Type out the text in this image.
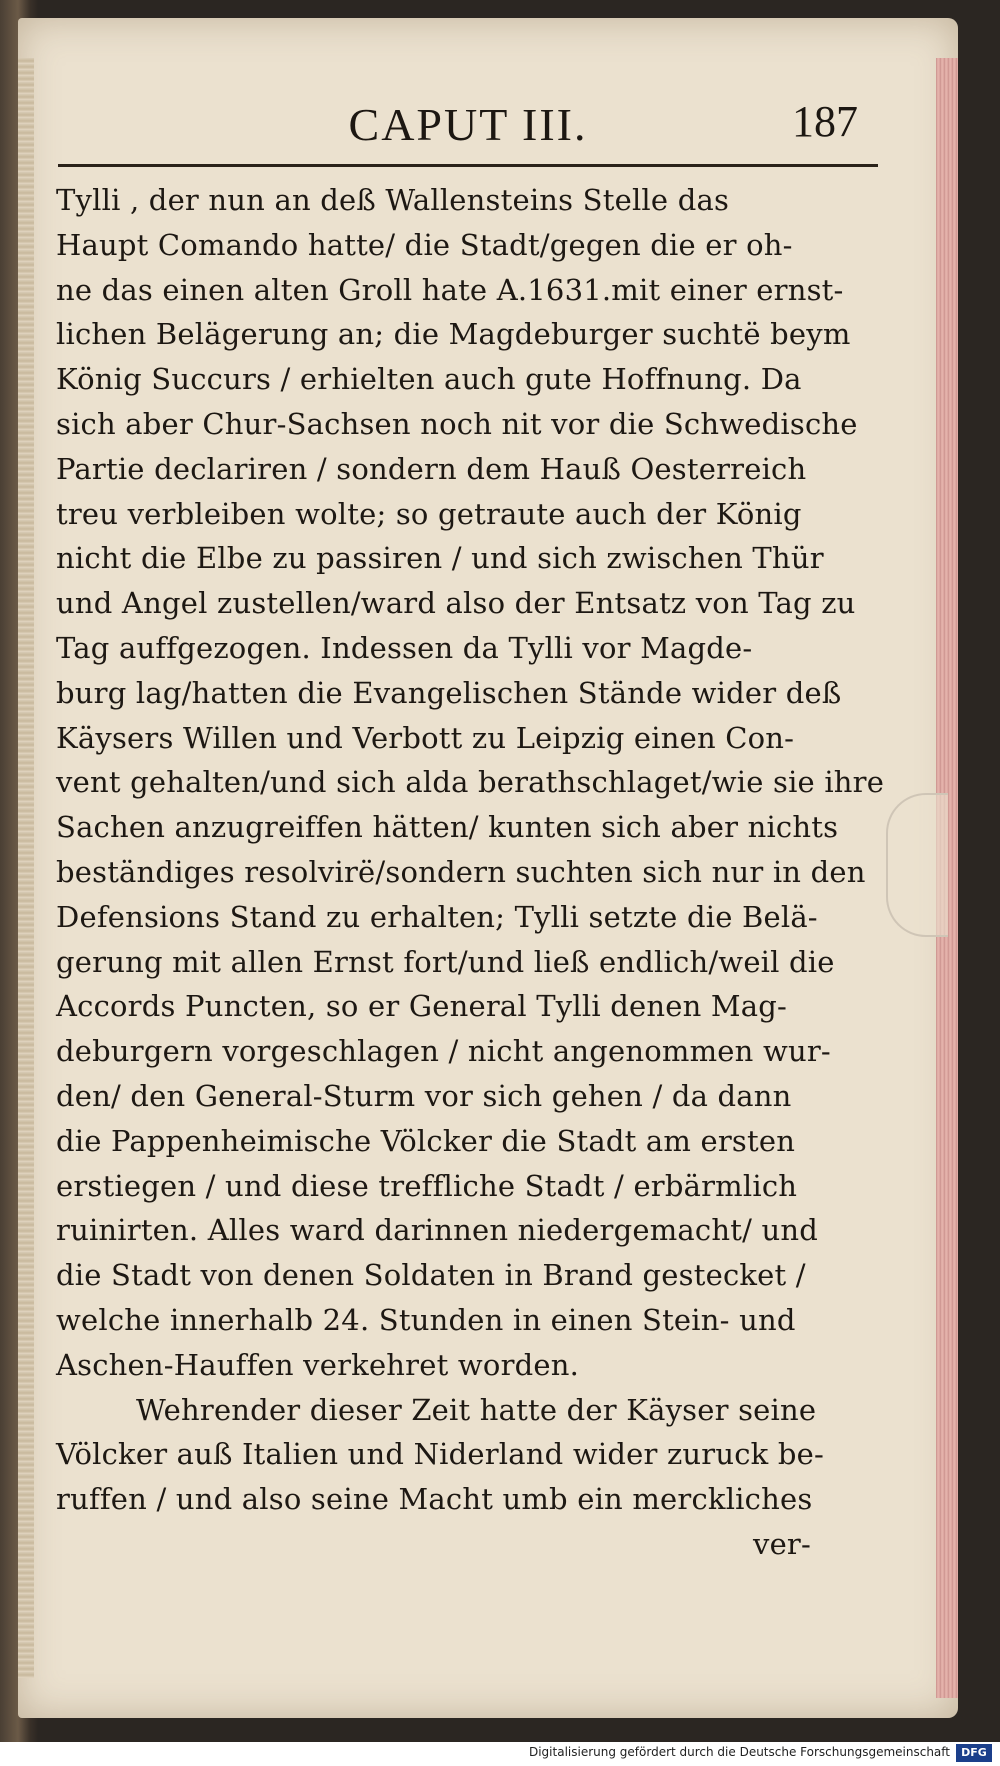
CAPUT III.	187
Tylli , der nun an deß Wallensteins Stelle das
Haupt Comando hatte/ die Stadt/gegen die er oh-
ne das einen alten Groll hate A.1631.mit einer ernst-
lichen Belägerung an; die Magdeburger suchtë beym
König Succurs / erhielten auch gute Hoffnung. Da
sich aber Chur-Sachsen noch nit vor die Schwedische
Partie declariren / sondern dem Hauß Oesterreich
treu verbleiben wolte; so getraute auch der König
nicht die Elbe zu passiren / und sich zwischen Thür
und Angel zustellen/ward also der Entsatz von Tag zu
Tag auffgezogen. Indessen da Tylli vor Magde-
burg lag/hatten die Evangelischen Stände wider deß
Käysers Willen und Verbott zu Leipzig einen Con-
vent gehalten/und sich alda berathschlaget/wie sie ihre
Sachen anzugreiffen hätten/ kunten sich aber nichts
beständiges resolvirë/sondern suchten sich nur in den
Defensions Stand zu erhalten; Tylli setzte die Belä-
gerung mit allen Ernst fort/und ließ endlich/weil die
Accords Puncten, so er General Tylli denen Mag-
deburgern vorgeschlagen / nicht angenommen wur-
den/ den General-Sturm vor sich gehen / da dann
die Pappenheimische Völcker die Stadt am ersten
erstiegen / und diese treffliche Stadt / erbärmlich
ruinirten. Alles ward darinnen niedergemacht/ und
die Stadt von denen Soldaten in Brand gestecket /
welche innerhalb 24. Stunden in einen Stein- und
Aschen-Hauffen verkehret worden.
Wehrender dieser Zeit hatte der Käyser seine
Völcker auß Italien und Niderland wider zuruck be-
ruffen / und also seine Macht umb ein merckliches
ver-
Digitalisierung gefördert durch die Deutsche Forschungsgemeinschaft	DFG
